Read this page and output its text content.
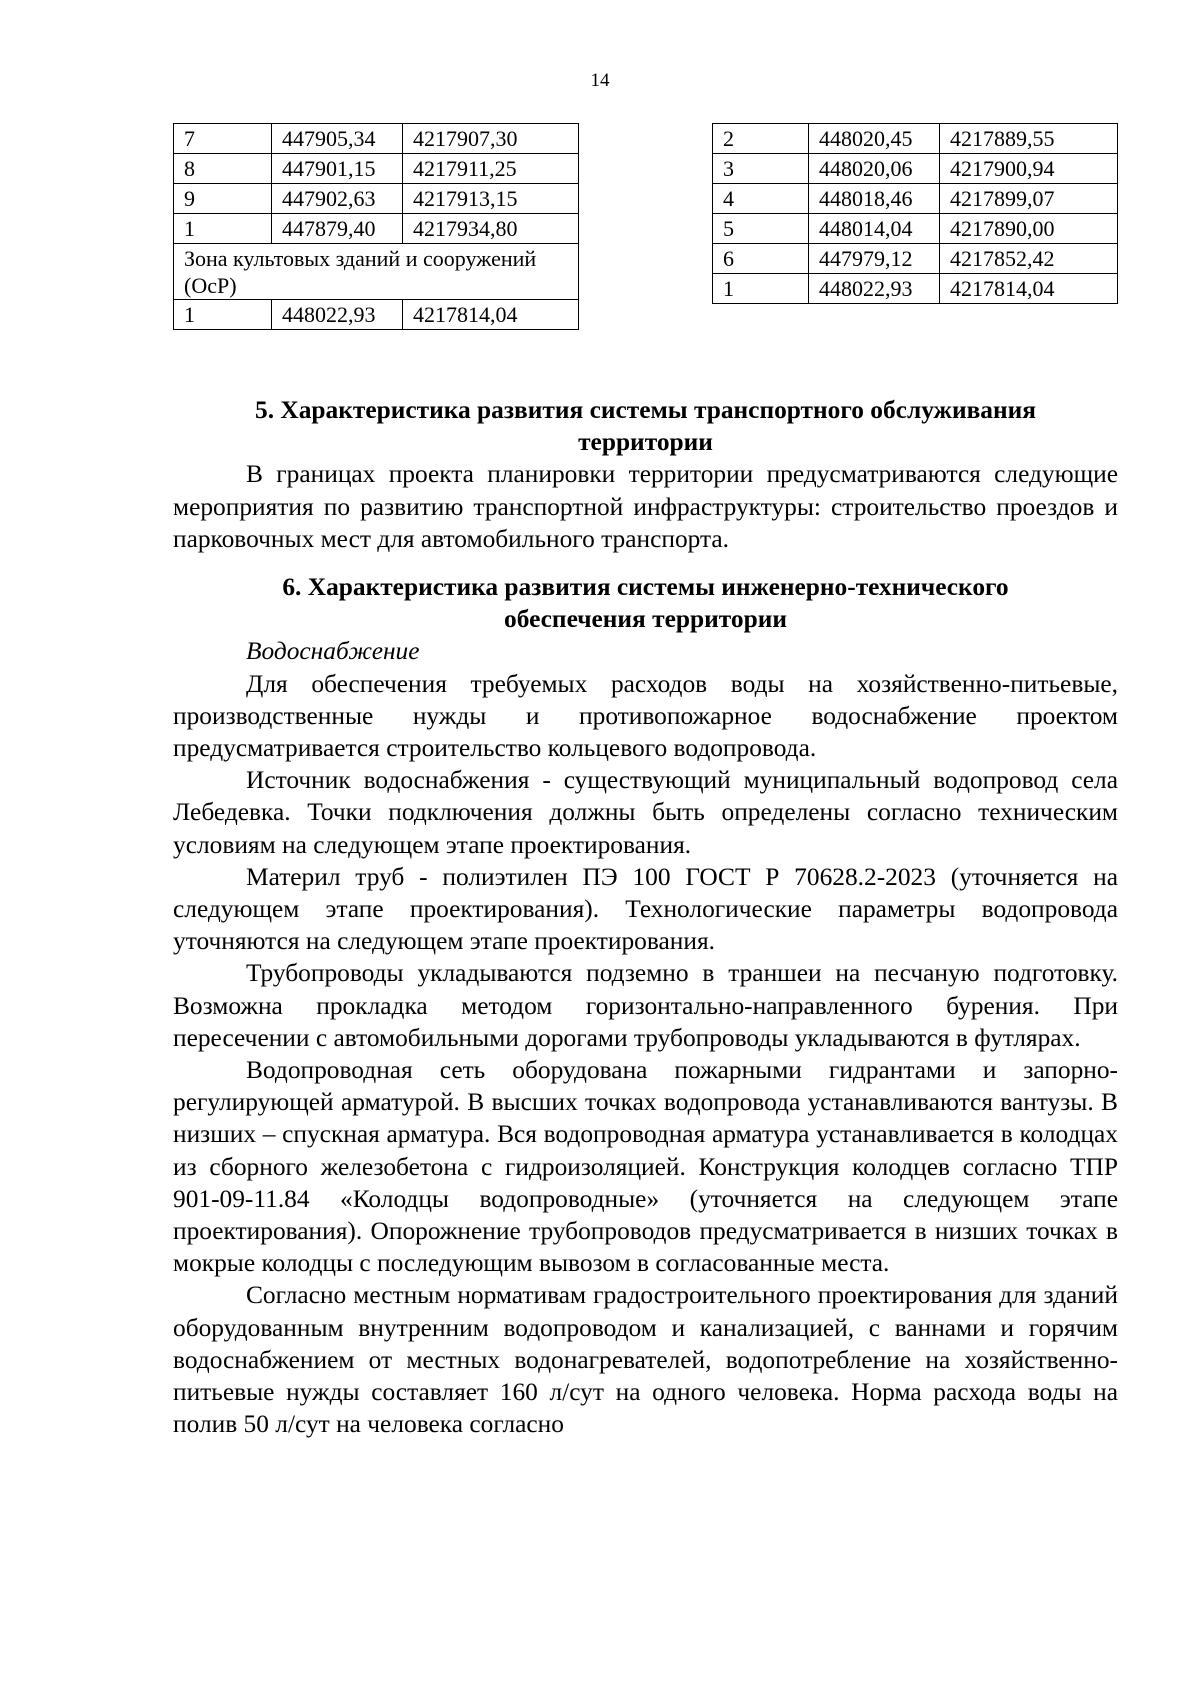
14
7	447905,34	4217907,30
8	447901,15	4217911,25
9	447902,63	4217913,15
1	447879,40	4217934,80
Зона культовых зданий и сооружений (ОсР)		
1	448022,93	4217814,04
2	448020,45	4217889,55
3	448020,06	4217900,94
4	448018,46	4217899,07
5	448014,04	4217890,00
6	447979,12	4217852,42
1	448022,93	4217814,04
5. Характеристика развития системы транспортного обслуживания
территории

В границах проекта планировки территории предусматриваются следующие мероприятия по развитию транспортной инфраструктуры: строительство проездов и парковочных мест для автомобильного транспорта.

6. Характеристика развития системы инженерно-технического
обеспечения территории
Водоснабжение

Для обеспечения требуемых расходов воды на хозяйственно-питьевые, производственные нужды и противопожарное водоснабжение проектом предусматривается строительство кольцевого водопровода.

Источник водоснабжения - существующий муниципальный водопровод села Лебедевка. Точки подключения должны быть определены согласно техническим условиям на следующем этапе проектирования.

Материл труб - полиэтилен ПЭ 100 ГОСТ Р 70628.2-2023 (уточняется на следующем этапе проектирования). Технологические параметры водопровода уточняются на следующем этапе проектирования.

Трубопроводы укладываются подземно в траншеи на песчаную подготовку. Возможна прокладка методом горизонтально-направленного бурения. При пересечении с автомобильными дорогами трубопроводы укладываются в футлярах.

Водопроводная сеть оборудована пожарными гидрантами и запорно-регулирующей арматурой. В высших точках водопровода устанавливаются вантузы. В низших – спускная арматура. Вся водопроводная арматура устанавливается в колодцах из сборного железобетона с гидроизоляцией. Конструкция колодцев согласно ТПР 901-09-11.84 «Колодцы водопроводные» (уточняется на следующем этапе проектирования). Опорожнение трубопроводов предусматривается в низших точках в мокрые колодцы с последующим вывозом в согласованные места.

Согласно местным нормативам градостроительного проектирования для зданий оборудованным внутренним водопроводом и канализацией, с ваннами и горячим водоснабжением от местных водонагревателей, водопотребление на хозяйственно-питьевые нужды составляет 160 л/сут на одного человека. Норма расхода воды на полив 50 л/сут на человека согласно
